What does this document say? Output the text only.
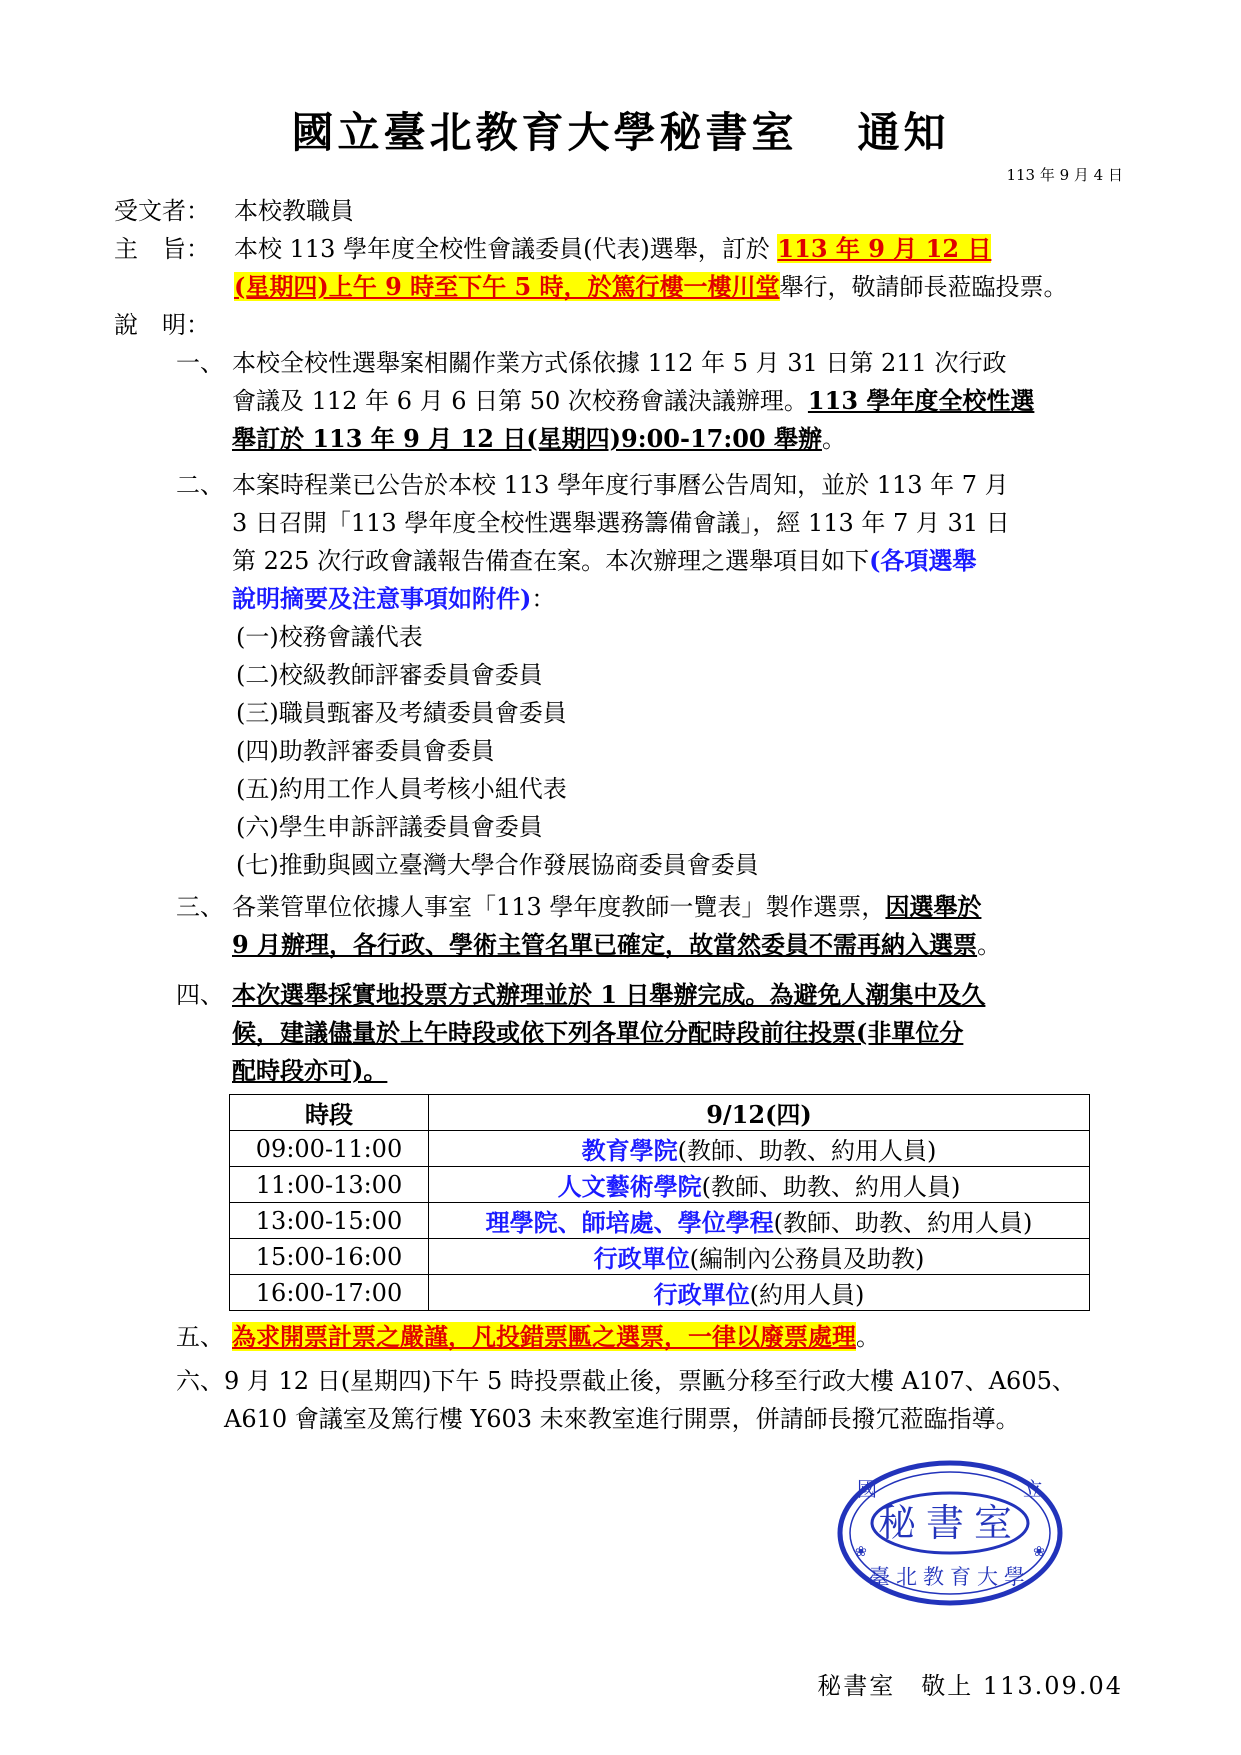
國立臺北教育大學秘書室 通知
113 年 9 月 4 日
受文者： 本校教職員
主　旨： 本校 113 學年度全校性會議委員(代表)選舉，訂於 113 年 9 月 12 日
(星期四)上午 9 時至下午 5 時，於篤行樓一樓川堂舉行，敬請師長蒞臨投票。
說　明：
一、 本校全校性選舉案相關作業方式係依據 112 年 5 月 31 日第 211 次行政
會議及 112 年 6 月 6 日第 50 次校務會議決議辦理。113 學年度全校性選
舉訂於 113 年 9 月 12 日(星期四)9:00-17:00 舉辦。
二、 本案時程業已公告於本校 113 學年度行事曆公告周知，並於 113 年 7 月
3 日召開「113 學年度全校性選舉選務籌備會議」，經 113 年 7 月 31 日
第 225 次行政會議報告備查在案。本次辦理之選舉項目如下(各項選舉
說明摘要及注意事項如附件)：
(一)校務會議代表
(二)校級教師評審委員會委員
(三)職員甄審及考績委員會委員
(四)助教評審委員會委員
(五)約用工作人員考核小組代表
(六)學生申訴評議委員會委員
(七)推動與國立臺灣大學合作發展協商委員會委員
三、 各業管單位依據人事室「113 學年度教師一覽表」製作選票，因選舉於
9 月辦理，各行政、學術主管名單已確定，故當然委員不需再納入選票。
四、 本次選舉採實地投票方式辦理並於 1 日舉辦完成。為避免人潮集中及久
候，建議儘量於上午時段或依下列各單位分配時段前往投票(非單位分
配時段亦可)。
時段	9/12(四)
09:00-11:00	教育學院(教師、助教、約用人員)
11:00-13:00	人文藝術學院(教師、助教、約用人員)
13:00-15:00	理學院、師培處、學位學程(教師、助教、約用人員)
15:00-16:00	行政單位(編制內公務員及助教)
16:00-17:00	行政單位(約用人員)
五、 為求開票計票之嚴謹，凡投錯票匭之選票，一律以廢票處理。
六、 9 月 12 日(星期四)下午 5 時投票截止後，票匭分移至行政大樓 A107、A605、
A610 會議室及篤行樓 Y603 未來教室進行開票，併請師長撥冗蒞臨指導。
秘書室
國	立
臺北教育大學
❀	❀
秘書室　敬上 113.09.04
